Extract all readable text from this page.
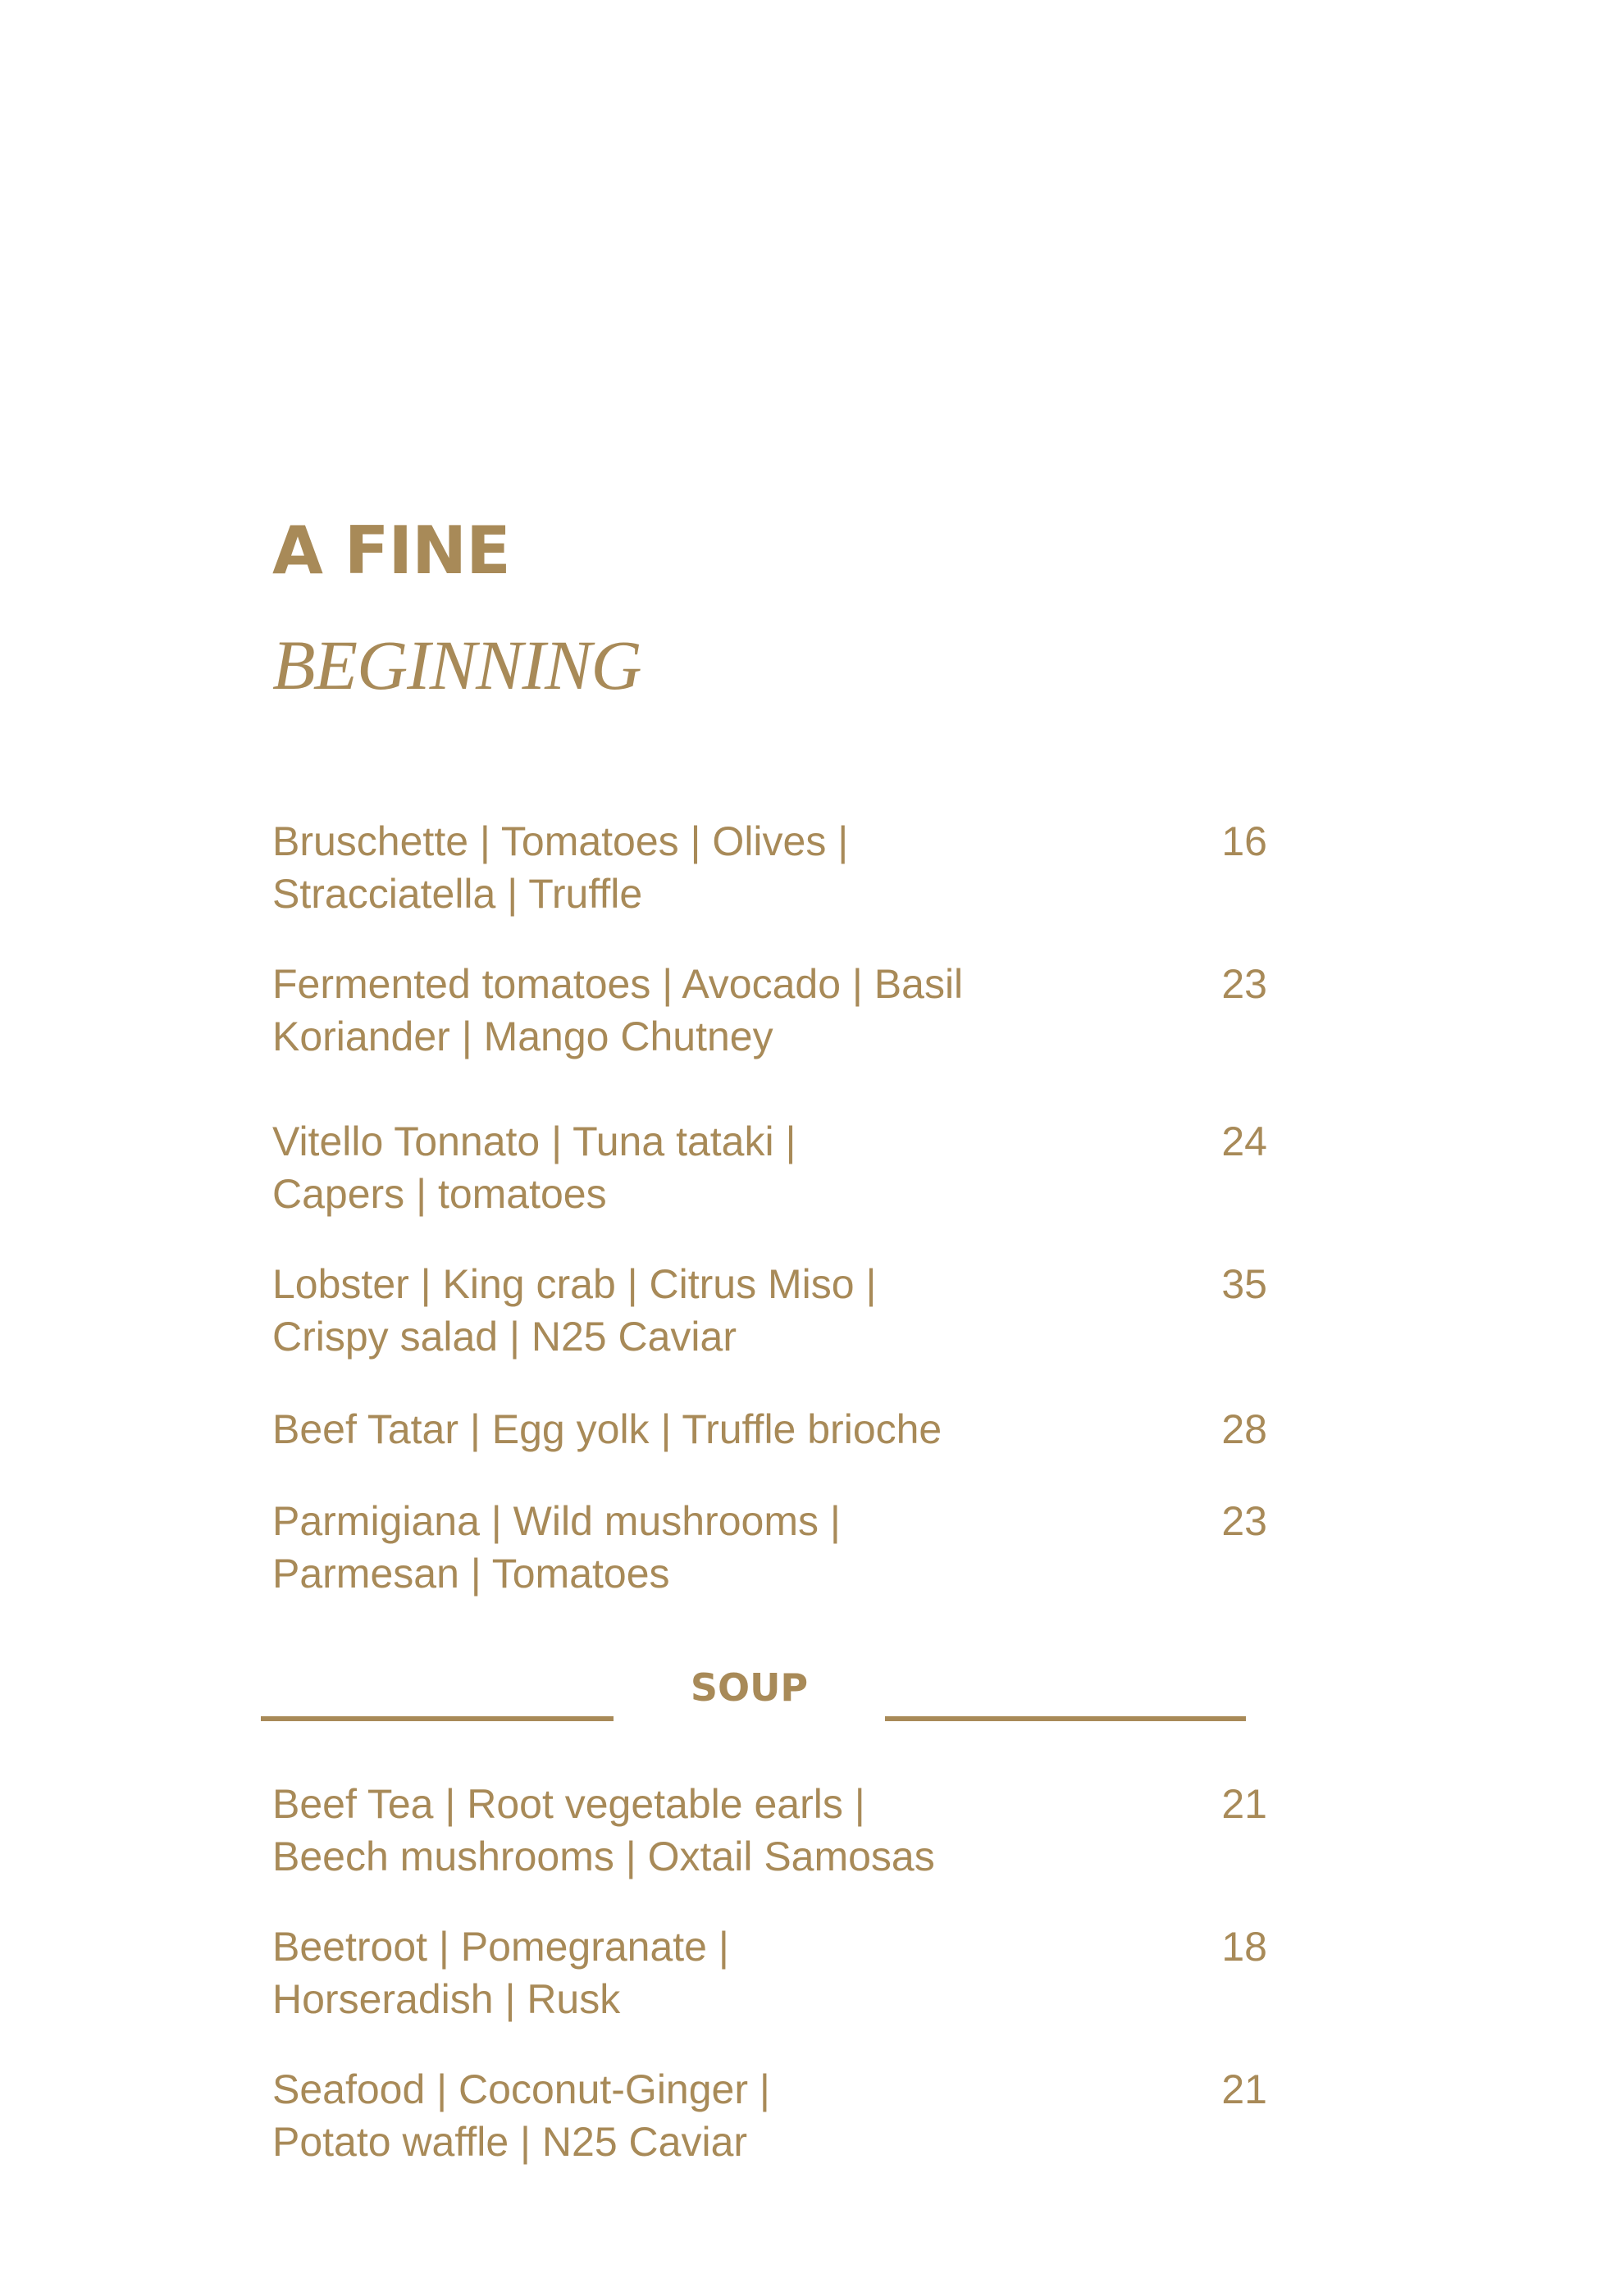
A FINE
BEGINNING
Bruschette | Tomatoes | Olives |
Stracciatella | Truffle
16
Fermented tomatoes | Avocado | Basil
Koriander | Mango Chutney
23
Vitello Tonnato | Tuna tataki |
Capers | tomatoes
24
Lobster | King crab | Citrus Miso |
Crispy salad | N25 Caviar
35
Beef Tatar | Egg yolk | Truffle brioche	28
Parmigiana | Wild mushrooms |
Parmesan | Tomatoes
23
SOUP
Beef Tea | Root vegetable earls |
Beech mushrooms | Oxtail Samosas
21
Beetroot | Pomegranate |
Horseradish | Rusk
18
Seafood | Coconut-Ginger |
Potato waffle | N25 Caviar
21
